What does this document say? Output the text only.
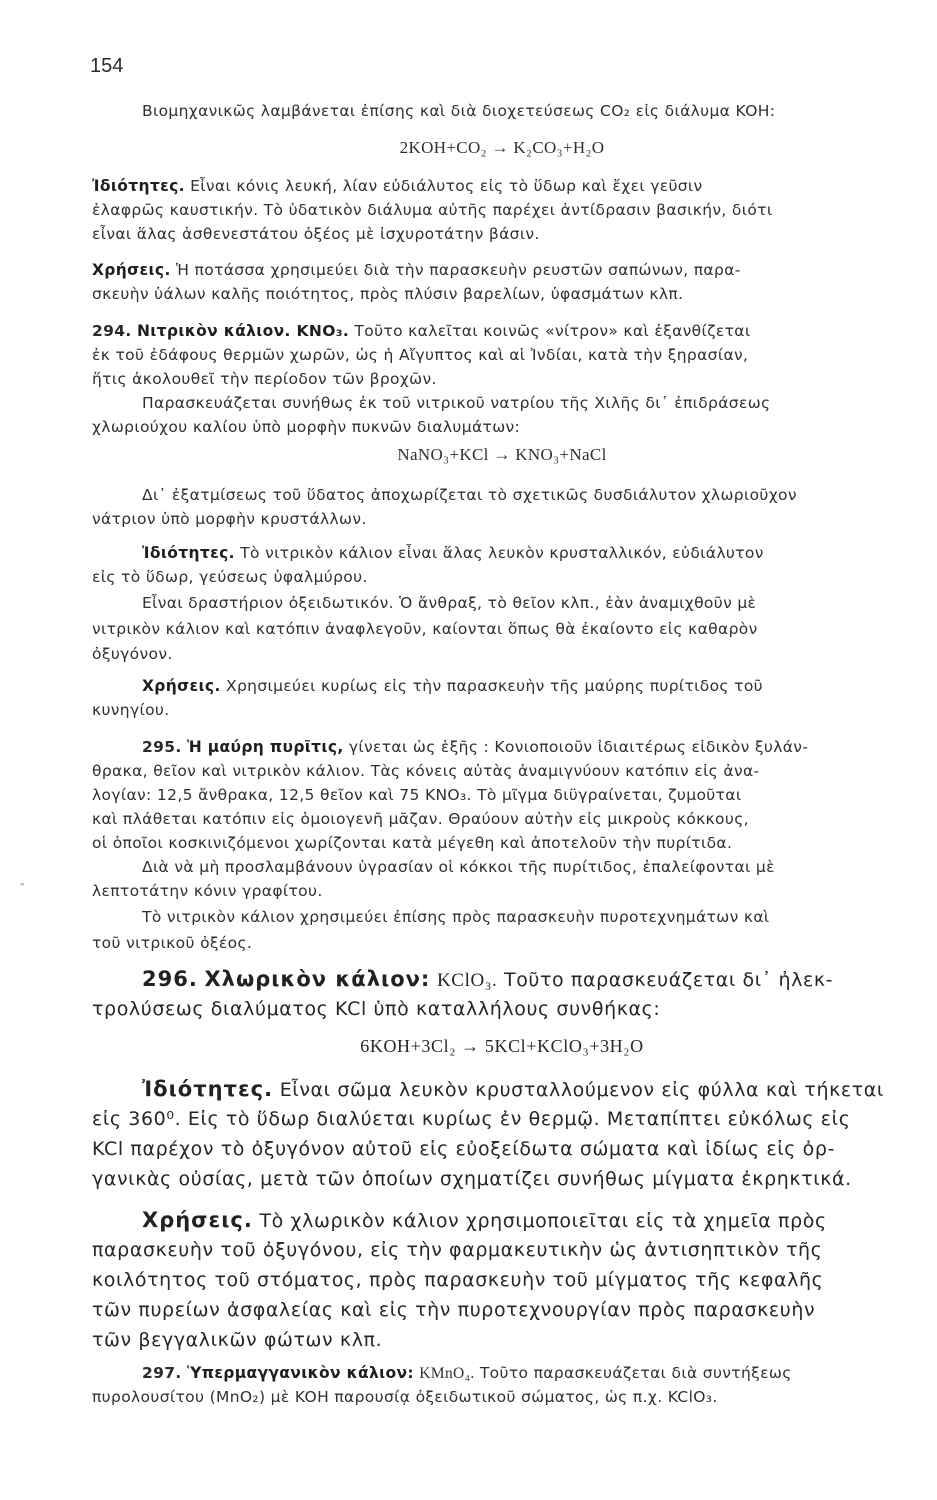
154
‸
Βιομηχανικῶς λαμβάνεται ἐπίσης καὶ διὰ διοχετεύσεως CO₂ εἰς διάλυμα KOH:
2KOH+CO₂ → K₂CO₃+H₂O
Ἰδιότητες. Εἶναι κόνις λευκή, λίαν εὐδιάλυτος εἰς τὸ ὕδωρ καὶ ἔχει γεῦσιν
ἐλαφρῶς καυστικήν. Τὸ ὑδατικὸν διάλυμα αὐτῆς παρέχει ἀντίδρασιν βασικήν, διότι
εἶναι ἅλας ἀσθενεστάτου ὀξέος μὲ ἰσχυροτάτην βάσιν.
Χρήσεις. Ἡ ποτάσσα χρησιμεύει διὰ τὴν παρασκευὴν ρευστῶν σαπώνων, παρα-
σκευὴν ὑάλων καλῆς ποιότητος, πρὸς πλύσιν βαρελίων, ὑφασμάτων κλπ.
294. Νιτρικὸν κάλιον. KNO₃. Τοῦτο καλεῖται κοινῶς «νίτρον» καὶ ἐξανθίζεται
ἐκ τοῦ ἐδάφους θερμῶν χωρῶν, ὡς ἡ Αἴγυπτος καὶ αἱ Ἰνδίαι, κατὰ τὴν ξηρασίαν,
ἥτις ἀκολουθεῖ τὴν περίοδον τῶν βροχῶν.
Παρασκευάζεται συνήθως ἐκ τοῦ νιτρικοῦ νατρίου τῆς Χιλῆς δι᾽ ἐπιδράσεως
χλωριούχου καλίου ὑπὸ μορφὴν πυκνῶν διαλυμάτων:
NaNO₃+KCl → KNO₃+NaCl
Δι᾽ ἐξατμίσεως τοῦ ὕδατος ἀποχωρίζεται τὸ σχετικῶς δυσδιάλυτον χλωριοῦχον
νάτριον ὑπὸ μορφὴν κρυστάλλων.
Ἰδιότητες. Τὸ νιτρικὸν κάλιον εἶναι ἅλας λευκὸν κρυσταλλικόν, εὐδιάλυτον
εἰς τὸ ὕδωρ, γεύσεως ὑφαλμύρου.
Εἶναι δραστήριον ὀξειδωτικόν. Ὁ ἄνθραξ, τὸ θεῖον κλπ., ἐὰν ἀναμιχθοῦν μὲ
νιτρικὸν κάλιον καὶ κατόπιν ἀναφλεγοῦν, καίονται ὅπως θὰ ἐκαίοντο εἰς καθαρὸν
ὀξυγόνον.
Χρήσεις. Χρησιμεύει κυρίως εἰς τὴν παρασκευὴν τῆς μαύρης πυρίτιδος τοῦ
κυνηγίου.
295. Ἡ μαύρη πυρῖτις, γίνεται ὡς ἑξῆς : Κονιοποιοῦν ἰδιαιτέρως εἰδικὸν ξυλάν-
θρακα, θεῖον καὶ νιτρικὸν κάλιον. Τὰς κόνεις αὐτὰς ἀναμιγνύουν κατόπιν εἰς ἀνα-
λογίαν: 12,5 ἄνθρακα, 12,5 θεῖον καὶ 75 KNO₃. Τὸ μῖγμα διϋγραίνεται, ζυμοῦται
καὶ πλάθεται κατόπιν εἰς ὁμοιογενῆ μᾶζαν. Θραύουν αὐτὴν εἰς μικροὺς κόκκους,
οἱ ὁποῖοι κοσκινιζόμενοι χωρίζονται κατὰ μέγεθη καὶ ἀποτελοῦν τὴν πυρίτιδα.
Διὰ νὰ μὴ προσλαμβάνουν ὑγρασίαν οἱ κόκκοι τῆς πυρίτιδος, ἐπαλείφονται μὲ
λεπτοτάτην κόνιν γραφίτου.
Τὸ νιτρικὸν κάλιον χρησιμεύει ἐπίσης πρὸς παρασκευὴν πυροτεχνημάτων καὶ
τοῦ νιτρικοῦ ὀξέος.
296. Χλωρικὸν κάλιον: KClO₃. Τοῦτο παρασκευάζεται δι᾽ ἠλεκ-
τρολύσεως διαλύματος KCl ὑπὸ καταλλήλους συνθήκας:
6KOH+3Cl₂ → 5KCl+KClO₃+3H₂O
Ἰδιότητες. Εἶναι σῶμα λευκὸν κρυσταλλούμενον εἰς φύλλα καὶ τήκεται
εἰς 360⁰. Εἰς τὸ ὕδωρ διαλύεται κυρίως ἐν θερμῷ. Μεταπίπτει εὐκόλως εἰς
KCl παρέχον τὸ ὀξυγόνον αὐτοῦ εἰς εὐοξείδωτα σώματα καὶ ἰδίως εἰς ὀρ-
γανικὰς οὐσίας, μετὰ τῶν ὁποίων σχηματίζει συνήθως μίγματα ἐκρηκτικά.
Χρήσεις. Τὸ χλωρικὸν κάλιον χρησιμοποιεῖται εἰς τὰ χημεῖα πρὸς
παρασκευὴν τοῦ ὀξυγόνου, εἰς τὴν φαρμακευτικὴν ὡς ἀντισηπτικὸν τῆς
κοιλότητος τοῦ στόματος, πρὸς παρασκευὴν τοῦ μίγματος τῆς κεφαλῆς
τῶν πυρείων ἀσφαλείας καὶ εἰς τὴν πυροτεχνουργίαν πρὸς παρασκευὴν
τῶν βεγγαλικῶν φώτων κλπ.
297. Ὑπερμαγγανικὸν κάλιον: KMnO₄. Τοῦτο παρασκευάζεται διὰ συντήξεως
πυρολουσίτου (MnO₂) μὲ KOH παρουσίᾳ ὀξειδωτικοῦ σώματος, ὡς π.χ. KClO₃.
